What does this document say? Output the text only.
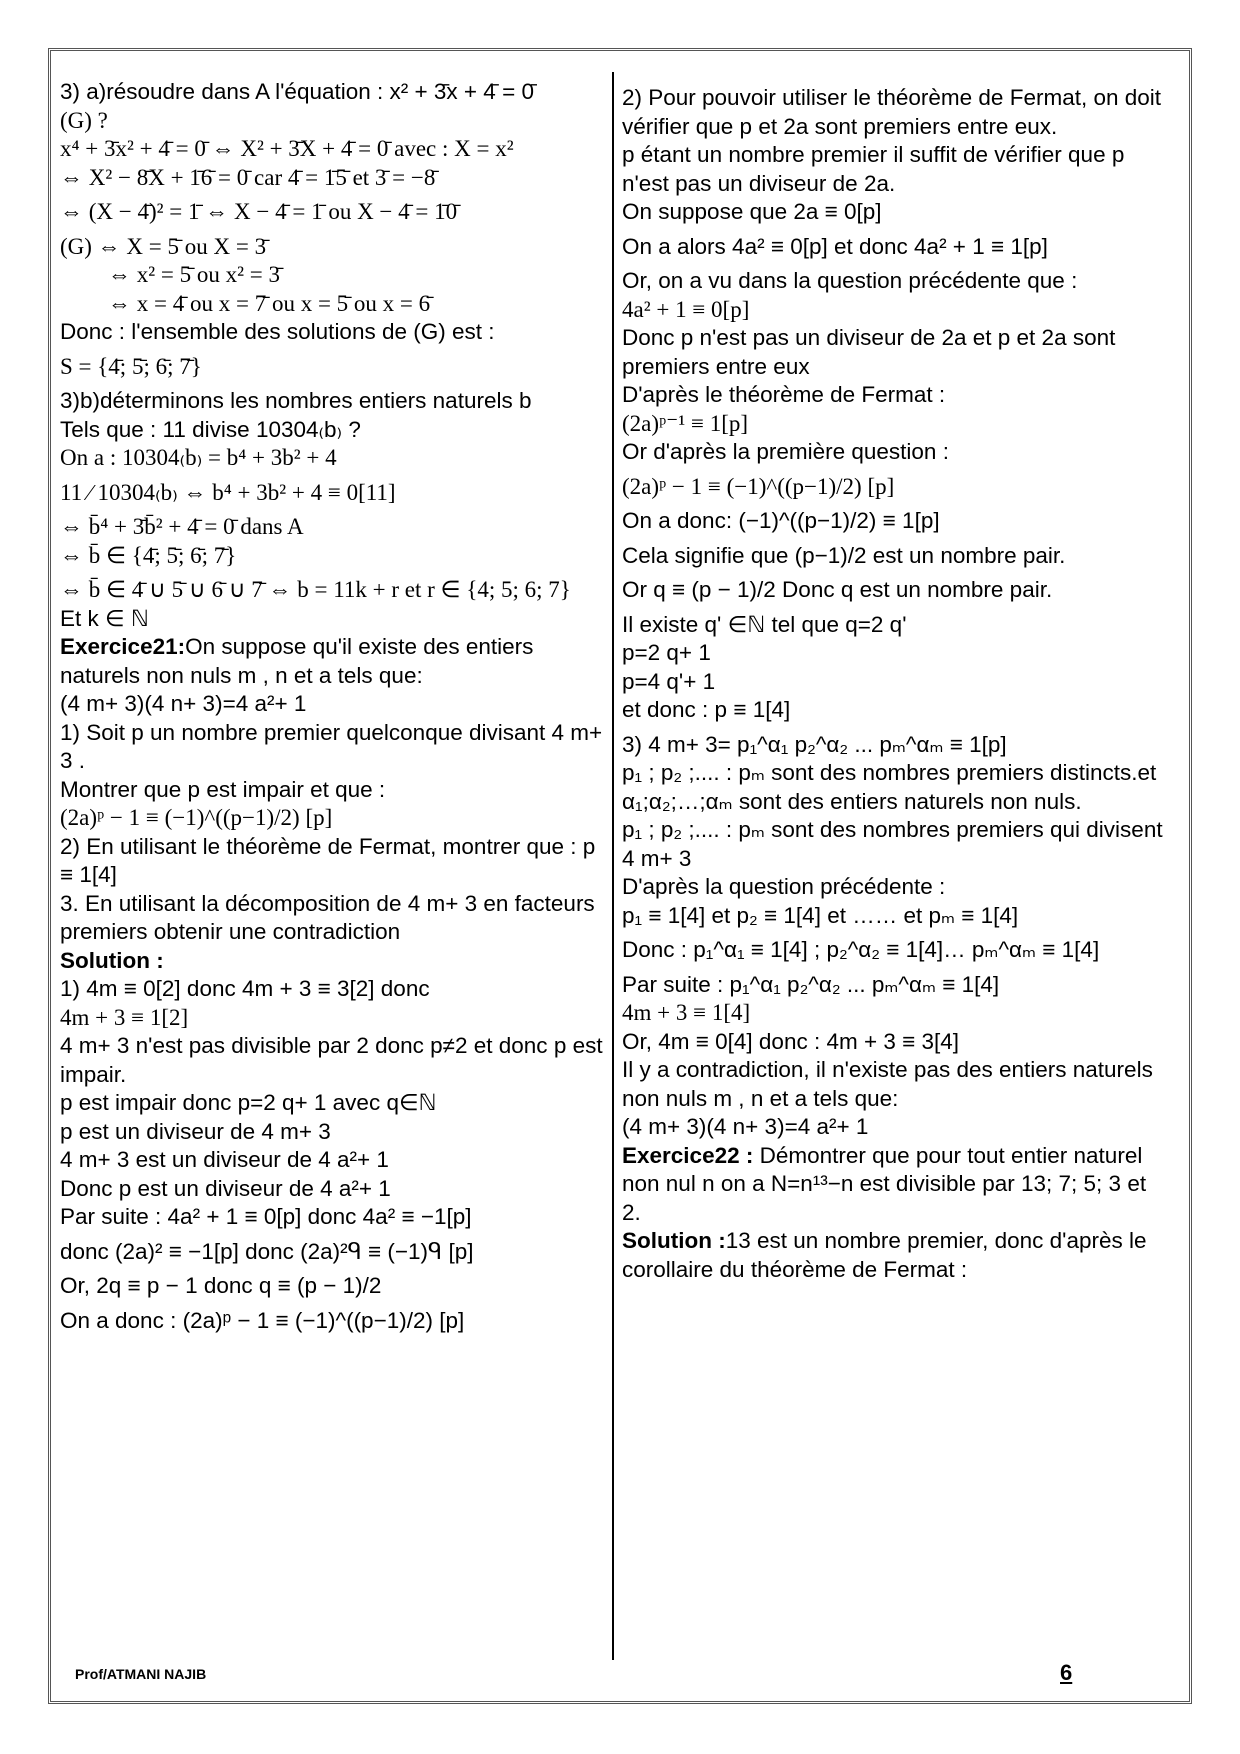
3) a)résoudre dans A l'équation : x² + 3̄x + 4̄ = 0̄

(G) ?

x⁴ + 3̄x² + 4̄ = 0̄ ⇔ X² + 3̄X + 4̄ = 0̄ avec : X = x²

⇔ X² − 8̄X + 1̄6̄ = 0̄ car 4̄ = 1̄5̄ et 3̄ = −8̄

⇔ (X − 4̄)² = 1̄ ⇔ X − 4̄ = 1̄ ou X − 4̄ = 1̄0̄

(G) ⇔ X = 5̄ ou X = 3̄

⇔ x² = 5̄ ou x² = 3̄

⇔ x = 4̄ ou x = 7̄ ou x = 5̄ ou x = 6̄

Donc : l'ensemble des solutions de (G) est :

S = {4̄; 5̄; 6̄; 7̄}

3)b)déterminons les nombres entiers naturels b

Tels que : 11 divise 10304₍b₎ ?

On a : 10304₍b₎ = b⁴ + 3b² + 4

11 ∕ 10304₍b₎ ⇔ b⁴ + 3b² + 4 ≡ 0[11]

⇔ b̄⁴ + 3̄b̄² + 4̄ = 0̄ dans A

⇔ b̄ ∈ {4̄; 5̄; 6̄; 7̄}

⇔ b̄ ∈ 4̄ ∪ 5̄ ∪ 6̄ ∪ 7̄ ⇔ b = 11k + r et r ∈ {4; 5; 6; 7}

Et k ∈ ℕ

Exercice21:On suppose qu'il existe des entiers naturels non nuls m , n et a tels que:

(4 m+ 3)(4 n+ 3)=4 a²+ 1

1) Soit p un nombre premier quelconque divisant 4 m+ 3 .

Montrer que p est impair et que :

(2a)ᵖ − 1 ≡ (−1)^((p−1)/2) [p]

2) En utilisant le théorème de Fermat, montrer que : p ≡ 1[4]

3. En utilisant la décomposition de 4 m+ 3 en facteurs premiers obtenir une contradiction

Solution :

1) 4m ≡ 0[2] donc 4m + 3 ≡ 3[2] donc

4m + 3 ≡ 1[2]

4 m+ 3 n'est pas divisible par 2 donc p≠2 et donc p est impair.

p est impair donc p=2 q+ 1 avec q∈ℕ

p est un diviseur de 4 m+ 3

4 m+ 3 est un diviseur de 4 a²+ 1

Donc p est un diviseur de 4 a²+ 1

Par suite : 4a² + 1 ≡ 0[p] donc 4a² ≡ −1[p]

donc (2a)² ≡ −1[p] donc (2a)²ᑫ ≡ (−1)ᑫ [p]

Or, 2q ≡ p − 1 donc q ≡ (p − 1)/2

On a donc : (2a)ᵖ − 1 ≡ (−1)^((p−1)/2) [p]

2) Pour pouvoir utiliser le théorème de Fermat, on doit vérifier que p et 2a sont premiers entre eux.

p étant un nombre premier il suffit de vérifier que p n'est pas un diviseur de 2a.

On suppose que 2a ≡ 0[p]

On a alors 4a² ≡ 0[p] et donc 4a² + 1 ≡ 1[p]

Or, on a vu dans la question précédente que :

4a² + 1 ≡ 0[p]

Donc p n'est pas un diviseur de 2a et p et 2a sont premiers entre eux

D'après le théorème de Fermat :

(2a)ᵖ⁻¹ ≡ 1[p]

Or d'après la première question :

(2a)ᵖ − 1 ≡ (−1)^((p−1)/2) [p]

On a donc: (−1)^((p−1)/2) ≡ 1[p]

Cela signifie que (p−1)/2 est un nombre pair.

Or q ≡ (p − 1)/2 Donc q est un nombre pair.

Il existe q' ∈ℕ tel que q=2 q'

p=2 q+ 1

p=4 q'+ 1

et donc : p ≡ 1[4]

3) 4 m+ 3= p₁^α₁ p₂^α₂ ... pₘ^αₘ ≡ 1[p]

p₁ ; p₂ ;.... : pₘ sont des nombres premiers distincts.et α₁;α₂;…;αₘ sont des entiers naturels non nuls.

p₁ ; p₂ ;.... : pₘ sont des nombres premiers qui divisent 4 m+ 3

D'après la question précédente :

p₁ ≡ 1[4] et p₂ ≡ 1[4] et …… et pₘ ≡ 1[4]

Donc : p₁^α₁ ≡ 1[4] ; p₂^α₂ ≡ 1[4]… pₘ^αₘ ≡ 1[4]

Par suite : p₁^α₁ p₂^α₂ ... pₘ^αₘ ≡ 1[4]

4m + 3 ≡ 1[4]

Or, 4m ≡ 0[4] donc : 4m + 3 ≡ 3[4]

Il y a contradiction, il n'existe pas des entiers naturels non nuls m , n et a tels que:

(4 m+ 3)(4 n+ 3)=4 a²+ 1

Exercice22 : Démontrer que pour tout entier naturel non nul n on a N=n¹³−n est divisible par 13; 7; 5; 3 et 2.

Solution :13 est un nombre premier, donc d'après le corollaire du théorème de Fermat :

Prof/ATMANI NAJIB	6
